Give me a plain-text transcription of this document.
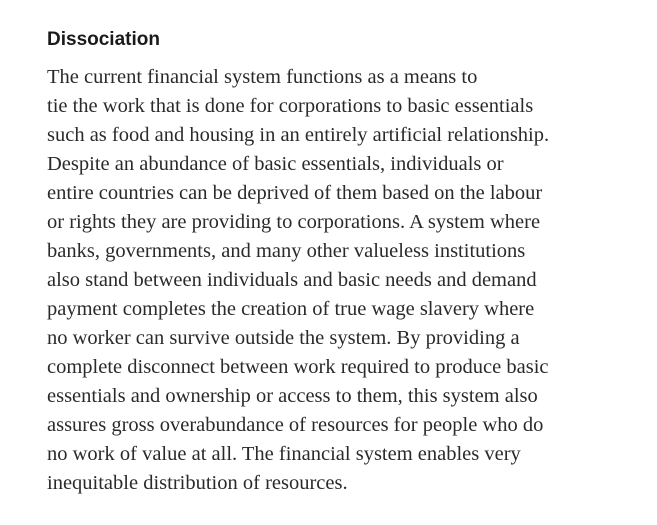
Dissociation
The current financial system functions as a means to
tie the work that is done for corporations to basic essentials
such as food and housing in an entirely artificial relationship.
Despite an abundance of basic essentials, individuals or
entire countries can be deprived of them based on the labour
or rights they are providing to corporations. A system where
banks, governments, and many other valueless institutions
also stand between individuals and basic needs and demand
payment completes the creation of true wage slavery where
no worker can survive outside the system. By providing a
complete disconnect between work required to produce basic
essentials and ownership or access to them, this system also
assures gross overabundance of resources for people who do
no work of value at all. The financial system enables very
inequitable distribution of resources.
